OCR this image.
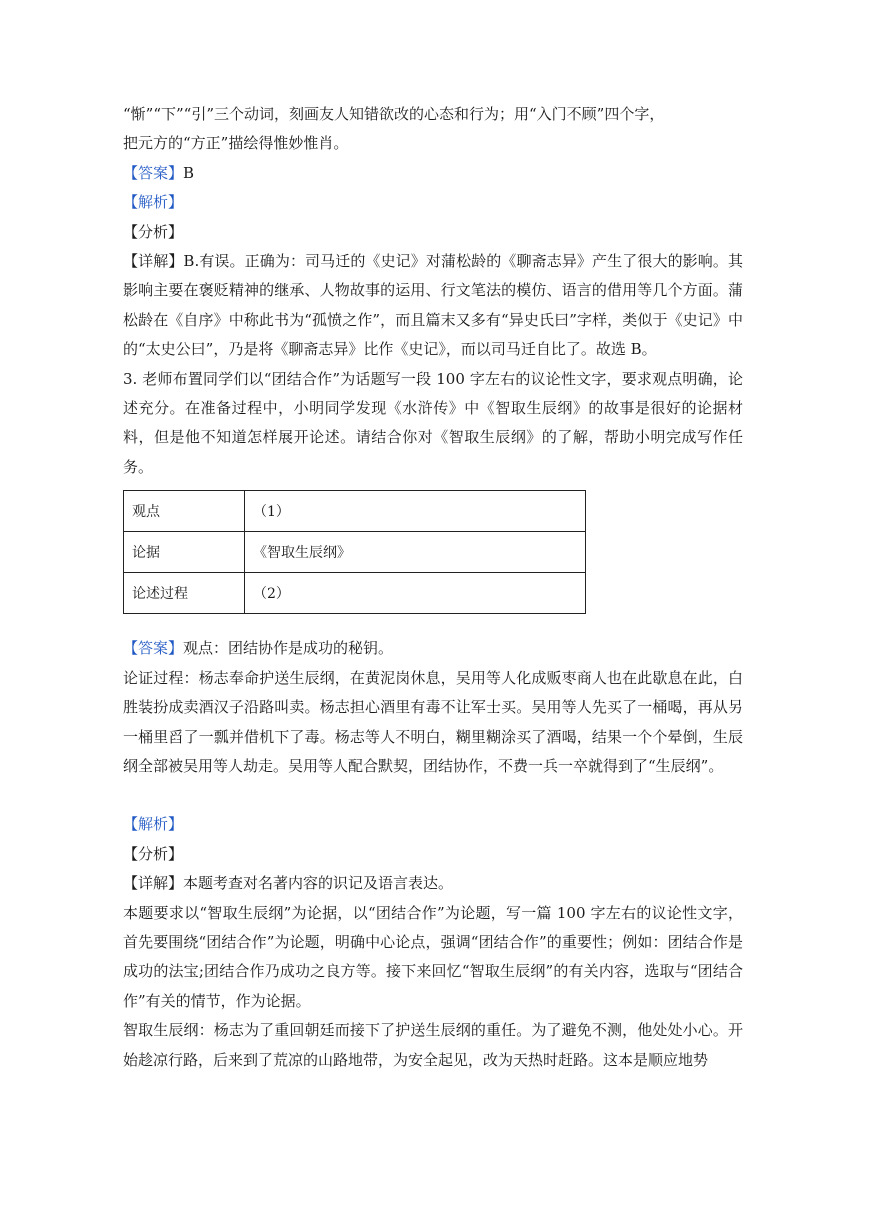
“惭”“下”“引”三个动词，刻画友人知错欲改的心态和行为；用“入门不顾”四个字，

把元方的“方正”描绘得惟妙惟肖。

【答案】B

【解析】

【分析】

【详解】B.有误。正确为：司马迁的《史记》对蒲松龄的《聊斋志异》产生了很大的影响。其影响主要在褒贬精神的继承、人物故事的运用、行文笔法的模仿、语言的借用等几个方面。蒲松龄在《自序》中称此书为“孤愤之作”，而且篇末又多有“异史氏曰”字样，类似于《史记》中的“太史公曰”，乃是将《聊斋志异》比作《史记》，而以司马迁自比了。故选 B。

3. 老师布置同学们以“团结合作”为话题写一段 100 字左右的议论性文字，要求观点明确，论述充分。在准备过程中，小明同学发现《水浒传》中《智取生辰纲》的故事是很好的论据材料，但是他不知道怎样展开论述。请结合你对《智取生辰纲》的了解，帮助小明完成写作任务。

观点	（1）
论据	《智取生辰纲》
论述过程	（2）

【答案】观点：团结协作是成功的秘钥。

论证过程：杨志奉命护送生辰纲，在黄泥岗休息，吴用等人化成贩枣商人也在此歇息在此，白胜装扮成卖酒汉子沿路叫卖。杨志担心酒里有毒不让军士买。吴用等人先买了一桶喝，再从另一桶里舀了一瓢并借机下了毒。杨志等人不明白，糊里糊涂买了酒喝，结果一个个晕倒，生辰纲全部被吴用等人劫走。吴用等人配合默契，团结协作，不费一兵一卒就得到了“生辰纲”。

【解析】

【分析】

【详解】本题考查对名著内容的识记及语言表达。

本题要求以“智取生辰纲”为论据，以“团结合作”为论题，写一篇 100 字左右的议论性文字，首先要围绕“团结合作”为论题，明确中心论点，强调“团结合作”的重要性；例如：团结合作是成功的法宝;团结合作乃成功之良方等。接下来回忆“智取生辰纲”的有关内容，选取与“团结合作”有关的情节，作为论据。

智取生辰纲：杨志为了重回朝廷而接下了护送生辰纲的重任。为了避免不测，他处处小心。开始趁凉行路，后来到了荒凉的山路地带，为安全起见，改为天热时赶路。这本是顺应地势
